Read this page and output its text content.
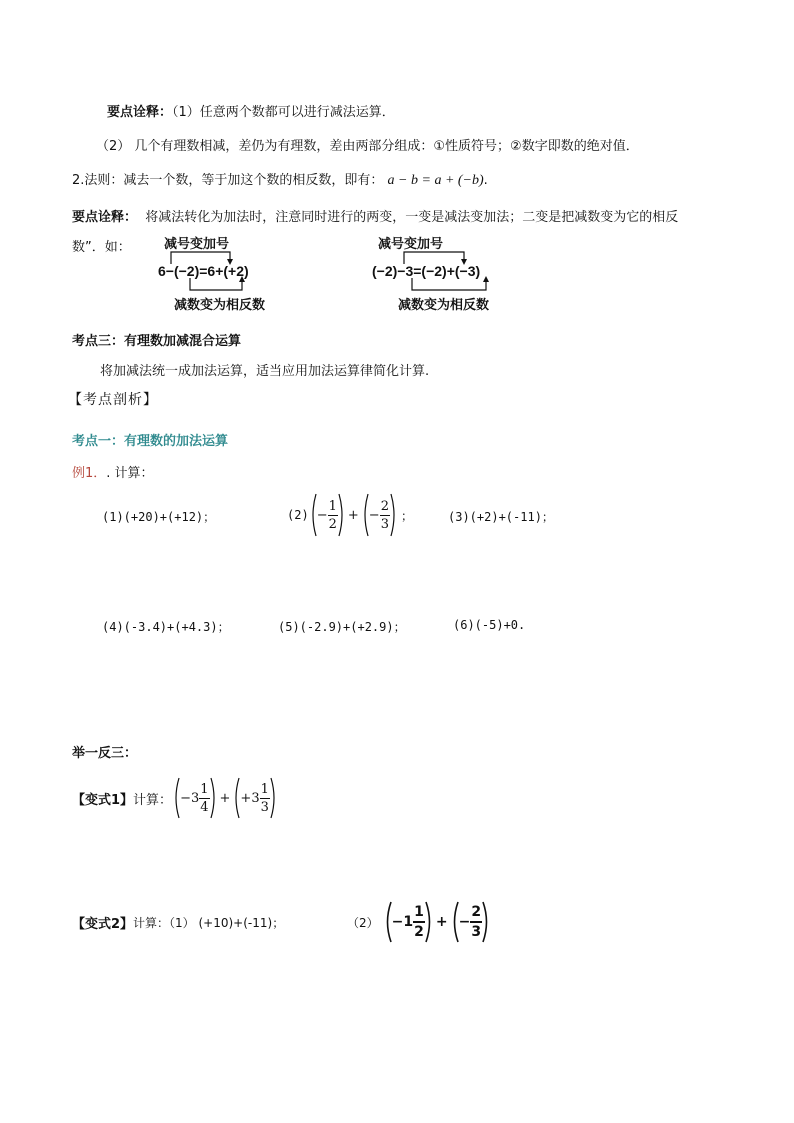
要点诠释：（1）任意两个数都可以进行减法运算．
（2） 几个有理数相减，差仍为有理数，差由两部分组成：①性质符号；②数字即数的绝对值．
2.法则：减去一个数，等于加这个数的相反数，即有： a − b = a + (−b).
要点诠释： 将减法转化为加法时，注意同时进行的两变，一变是减法变加法；二变是把减数变为它的相反
数”．如：	减号变加号
6−(−2)=6+(+2)
减数变为相反数
减号变加号
(−2)−3=(−2)+(−3)
减数变为相反数
考点三：有理数加减混合运算
将加减法统一成加法运算，适当应用加法运算律简化计算.
【考点剖析】
考点一：有理数的加法运算
例1．. 计算：
(1)(+20)+(+12)；	$(2) - \frac{1}{2}$ + − $\frac{2}{3}$ ；	(3)(+2)+(-11)；
(4)(-3.4)+(+4.3)；	(5)(-2.9)+(+2.9)；	(6)(-5)+0.
举一反三：
【变式1】 计算： $-3 \frac{1}{4} + +3 \frac{1}{3}$
【变式2】 计算：（1） (+10)+(-11)；	$(2) -1 \frac{1}{2}$ + − $\frac{2}{3}$
